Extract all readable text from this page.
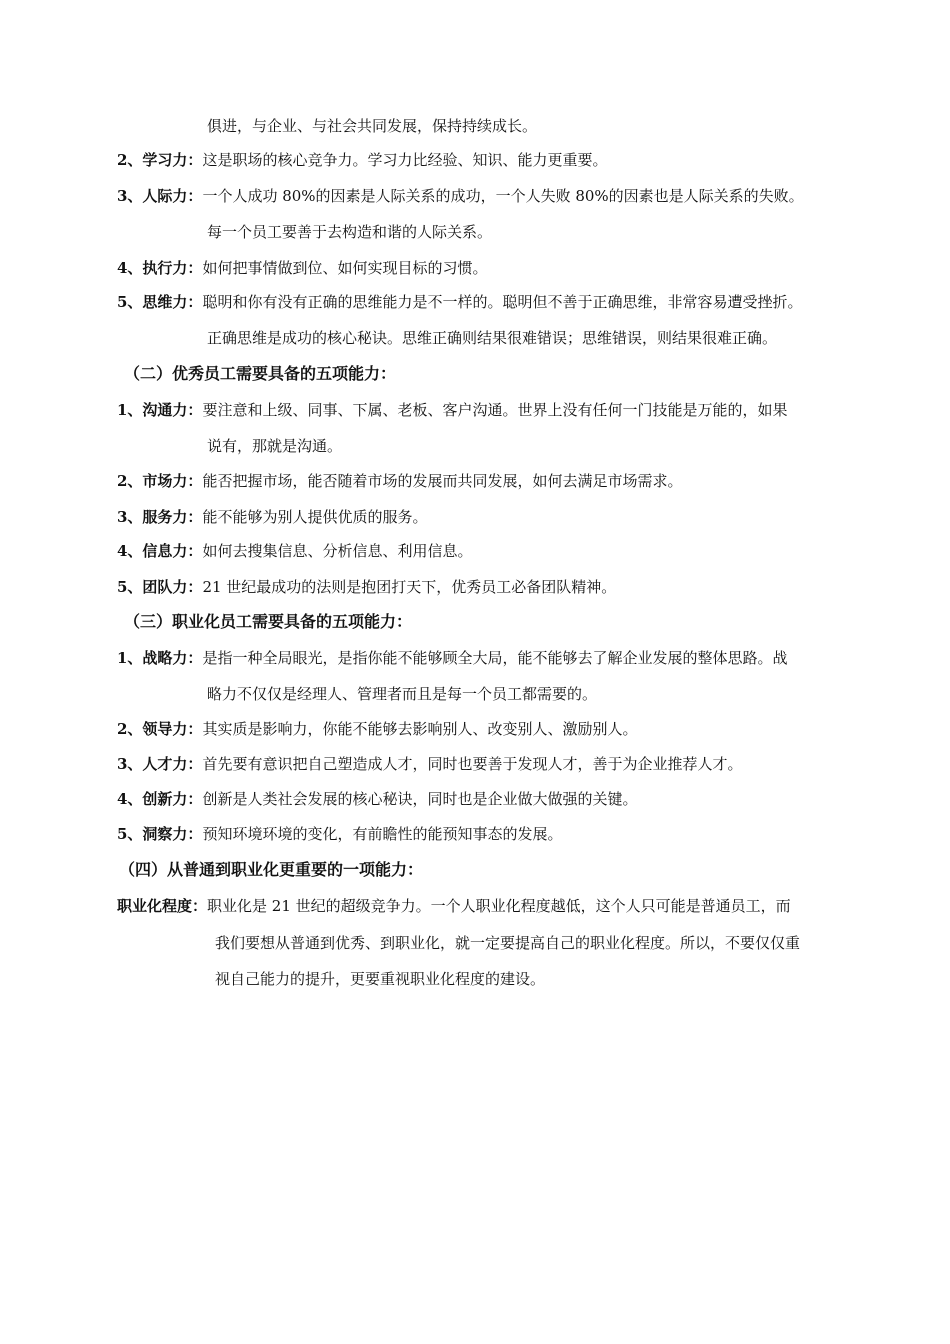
俱进，与企业、与社会共同发展，保持持续成长。
2、学习力：这是职场的核心竞争力。学习力比经验、知识、能力更重要。
3、人际力：一个人成功 80%的因素是人际关系的成功，一个人失败 80%的因素也是人际关系的失败。
每一个员工要善于去构造和谐的人际关系。
4、执行力：如何把事情做到位、如何实现目标的习惯。
5、思维力：聪明和你有没有正确的思维能力是不一样的。聪明但不善于正确思维，非常容易遭受挫折。
正确思维是成功的核心秘诀。思维正确则结果很难错误；思维错误，则结果很难正确。
（二）优秀员工需要具备的五项能力：
1、沟通力：要注意和上级、同事、下属、老板、客户沟通。世界上没有任何一门技能是万能的，如果
说有，那就是沟通。
2、市场力：能否把握市场，能否随着市场的发展而共同发展，如何去满足市场需求。
3、服务力：能不能够为别人提供优质的服务。
4、信息力：如何去搜集信息、分析信息、利用信息。
5、团队力：21 世纪最成功的法则是抱团打天下，优秀员工必备团队精神。
（三）职业化员工需要具备的五项能力：
1、战略力：是指一种全局眼光，是指你能不能够顾全大局，能不能够去了解企业发展的整体思路。战
略力不仅仅是经理人、管理者而且是每一个员工都需要的。
2、领导力：其实质是影响力，你能不能够去影响别人、改变别人、激励别人。
3、人才力：首先要有意识把自己塑造成人才，同时也要善于发现人才，善于为企业推荐人才。
4、创新力：创新是人类社会发展的核心秘诀，同时也是企业做大做强的关键。
5、洞察力：预知环境环境的变化，有前瞻性的能预知事态的发展。
（四）从普通到职业化更重要的一项能力：
职业化程度：职业化是 21 世纪的超级竞争力。一个人职业化程度越低，这个人只可能是普通员工，而
我们要想从普通到优秀、到职业化，就一定要提高自己的职业化程度。所以，不要仅仅重
视自己能力的提升，更要重视职业化程度的建设。
